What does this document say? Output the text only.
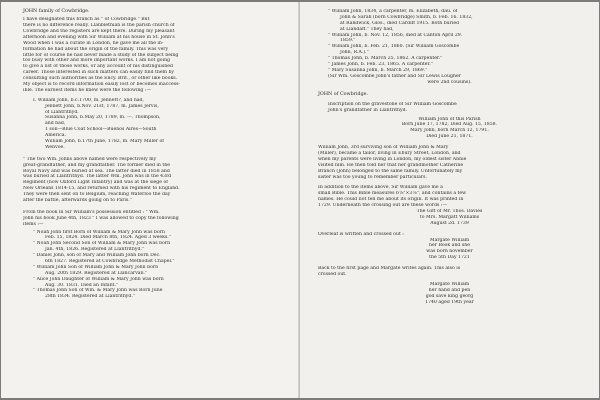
JOHN family of Cowbridge.
I have designated this branch as " of Cowbridge." But
there is no difference really. Llanblethian is the parish church of
Cowbridge and the registers are kept there. During my pleasant
afternoon and evening with Sir William at his house in St. John's
Wood when I was a curate in London, he gave me all the in-
formation he had about the origin of the family. This was very
little for of course he had never made a study of the subject being
too busy with other and more important works. I am not going
to give a list of those works, or any account of his distinguished
career. Those interested in such matters can easily find them by
consulting such authorities as the Ency. Brit., or other like books.
My object is to record information easily lost or becomes inaccess-
ible. The earliest items he knew were the following :—
I. William John, b.c.1700, m. Jennett?, and had,
Jennett John, b.Nov. 21st, 1787, m. James Jervis,
of Llantrithyd.
Susanna John, b.May 20, 1789, m. ---. Thompson,
and had,
1 son—Blue Coat School—Buenos Aires—South
America.
William John, b.17th June, 1782, m. Mary Miller of
Wenvoe.
" The two Wm. Johns above named were respectively my
great-grandfather, and my grandfather. The former died in the
Royal Navy and was buried at sea. The latter died in 1858 and
was buried at Llantrithyd. The latter Wm. John was in the 43rd
Regiment (now Oxford Light Infantry) and was at the siege of
New Orleans 1814-15, and returned with his regiment to England.
They were then sent on to Belgium, reaching Waterloo the day
after the battle, afterwards going on to Paris."
From the book in Sir William's possession entitled : " Wm.
John his book June 4th, 1823 " I was allowed to copy the following
items :—
" Noah John first Born of William & Mary John was born
Feb. 15, 1824. Died March 8th, 1824. Aged 3 weeks."
" Noah John Second Son of William & Mary John was born
Jan. 4th, 1826. Registered at Llantrithyd."
" Daniel John, son of Mary and William John born Dec.
6th 1827. Registered at Cowbridge Methodist Chapel."
" William John Son of William John & Mary John born
Aug. 20th 1829. Registered at Llancarvan."
" Alice John Daughter of William & Mary John was born
Aug. 30. 1831. Died an Infant."
" Thomas John Son of Wm. & Mary John was Born June
28th 1834. Registered at Llantrithyd."
" William John, 1834, a carpenter, m. Elizabeth, dau. of
John & Sarah (born Cowbridge) Smith, b. Feb. 16. 1832,
at Randwick, Glos., died Cardiff 1915. Both buried
at Llandaff." They had,
" William John, b. Nov. 12, 1856, died at Canton April 29.
1859."
" William John, b. Feb. 21, 1860. (Sir William Goscombe
John, R.A.)."
" Thomas John, b. March 25, 1862. A carpenter."
" James John, b. Feb. 23, 1865. A carpenter."
" Mary Susanna John, b. March 29, 1869."
(Sir Wm. Goscombe John's father and Sir Lewis Lougher
were 2nd cousins).
JOHN of Cowbridge.
Inscription on the gravestone of Sir William Goscombe
John's grandfather in Llantrithyd.
William John of this Parish
Born June 17, 1782, Died Aug. 15, 1858.
Mary John, born March 12, 1791.
Died June 21, 1871.
William John, 3rd surviving son of William John & Mary
(Miller), became a tailor, living in Ebury Street, London, and
when my parents were living in London, my oldest sister Annie
visited him. He then told her that her grandmother Catherine
Branch (John) belonged to the same family. Unfortunately my
sister was too young to remember particulars.
In addition to the items above, Sir William gave me a
small Bible. This Bible measures 6⅝"×3⅞", and contains a few
names. He could not tell me about its origin. It was printed in
1729. Underneath the crossing out are these words :—
The Gift of Mr. Thos. Davies
to Mrs. Margatt Williams
August 2d. 1739
Overleaf is written and crossed out :
Margate William
her Book and she
was born november
the 5th Day 1721
Back to the first page and Margate writes again. This also is
crossed out.
Margate William
her hand and pen
god save king georg
1740 aged 19th year
